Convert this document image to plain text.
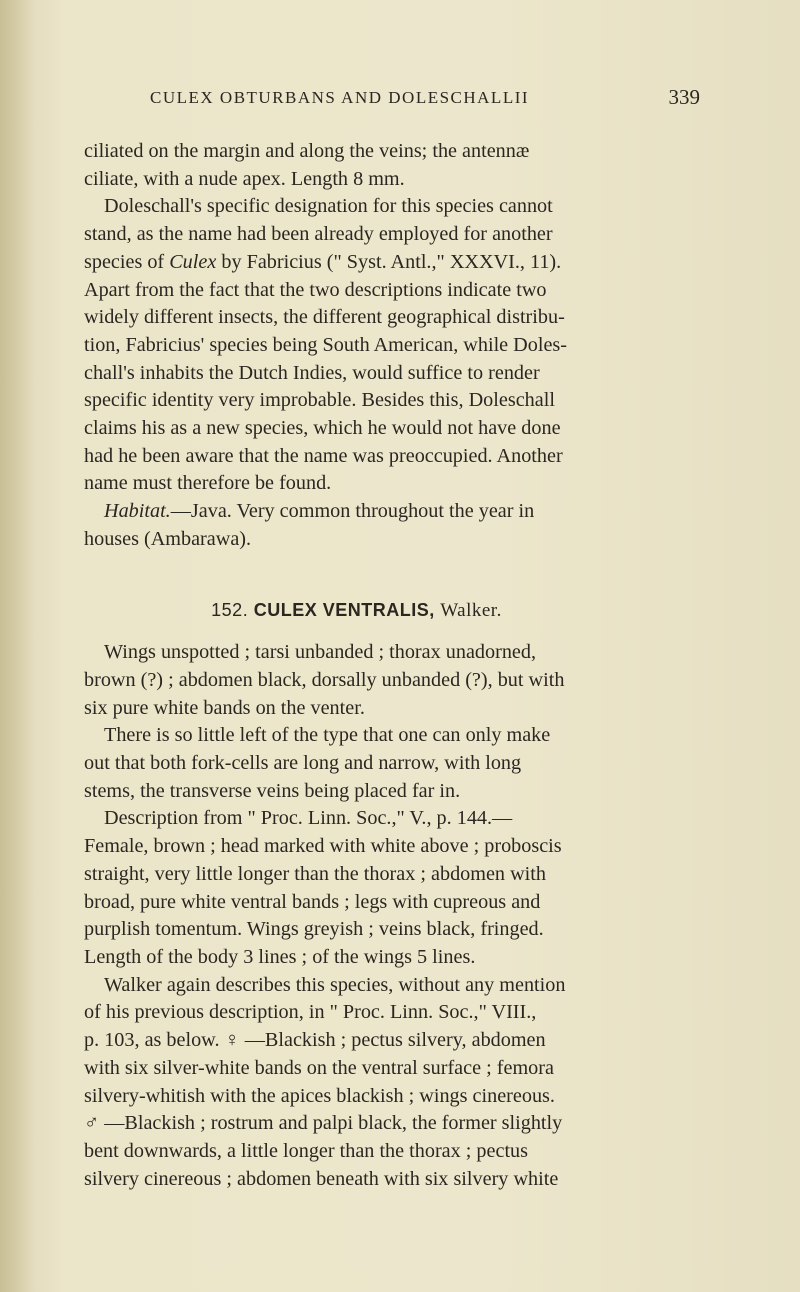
CULEX OBTURBANS AND DOLESCHALLII	339

ciliated on the margin and along the veins; the antennæ
ciliate, with a nude apex. Length 8 mm.

Doleschall's specific designation for this species cannot
stand, as the name had been already employed for another
species of Culex by Fabricius (" Syst. Antl.," XXXVI., 11).
Apart from the fact that the two descriptions indicate two
widely different insects, the different geographical distribu-
tion, Fabricius' species being South American, while Doles-
chall's inhabits the Dutch Indies, would suffice to render
specific identity very improbable. Besides this, Doleschall
claims his as a new species, which he would not have done
had he been aware that the name was preoccupied. Another
name must therefore be found.

Habitat.—Java. Very common throughout the year in
houses (Ambarawa).

152. CULEX VENTRALIS, Walker.

Wings unspotted ; tarsi unbanded ; thorax unadorned,
brown (?) ; abdomen black, dorsally unbanded (?), but with
six pure white bands on the venter.

There is so little left of the type that one can only make
out that both fork-cells are long and narrow, with long
stems, the transverse veins being placed far in.

Description from " Proc. Linn. Soc.," V., p. 144.—
Female, brown ; head marked with white above ; proboscis
straight, very little longer than the thorax ; abdomen with
broad, pure white ventral bands ; legs with cupreous and
purplish tomentum. Wings greyish ; veins black, fringed.
Length of the body 3 lines ; of the wings 5 lines.

Walker again describes this species, without any mention
of his previous description, in " Proc. Linn. Soc.," VIII.,
p. 103, as below. ♀ —Blackish ; pectus silvery, abdomen
with six silver-white bands on the ventral surface ; femora
silvery-whitish with the apices blackish ; wings cinereous.
♂ —Blackish ; rostrum and palpi black, the former slightly
bent downwards, a little longer than the thorax ; pectus
silvery cinereous ; abdomen beneath with six silvery white
